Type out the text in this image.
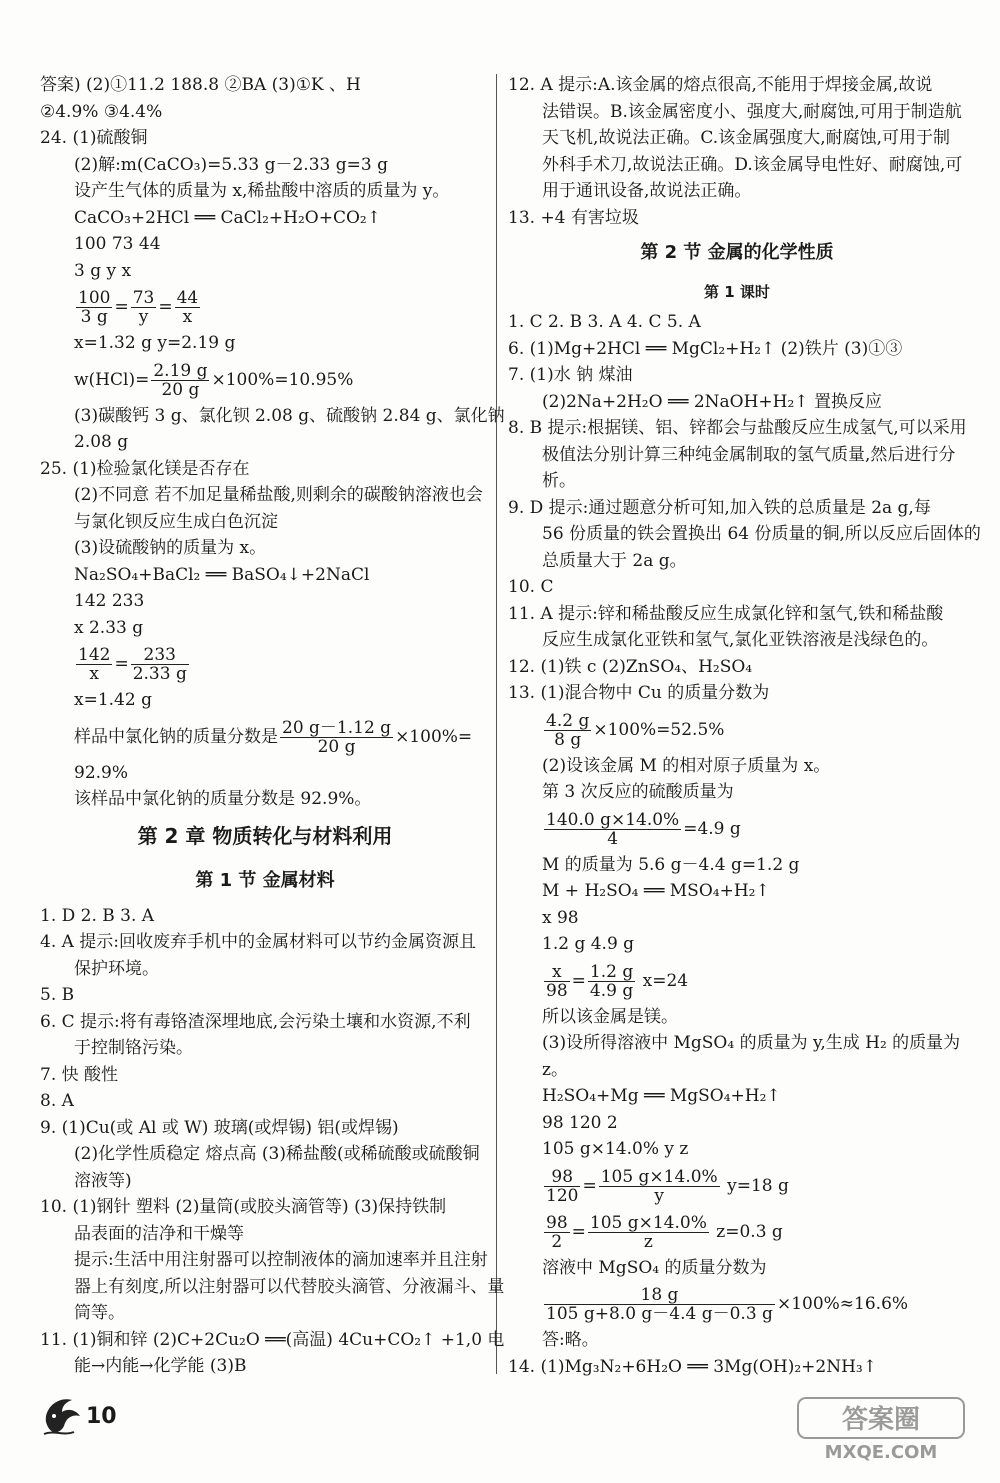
答案) (2)①11.2 188.8 ②BA (3)①K 、H
②4.9% ③4.4%
24. (1)硫酸铜
(2)解:m(CaCO₃)=5.33 g－2.33 g=3 g
设产生气体的质量为 x,稀盐酸中溶质的质量为 y。
CaCO₃+2HCl ══ CaCl₂+H₂O+CO₂↑
100 73 44
3 g y x
$\frac{100}{3 g} = \frac{73}{y} = \frac{44}{x}$
x=1.32 g y=2.19 g
$w(HCl)= \frac{2.19 g}{20 g} \times 100\%=10.95\%$
(3)碳酸钙 3 g、氯化钡 2.08 g、硫酸钠 2.84 g、氯化钠
2.08 g
25. (1)检验氯化镁是否存在
(2)不同意 若不加足量稀盐酸,则剩余的碳酸钠溶液也会
与氯化钡反应生成白色沉淀
(3)设硫酸钠的质量为 x。
Na₂SO₄+BaCl₂ ══ BaSO₄↓+2NaCl
142 233
x 2.33 g
$\frac{142}{x} = \frac{233}{2.33 g}$
x=1.42 g
样品中氯化钠的质量分数是 $\frac{20 g-1.12 g}{20 g} \times 100\%=$
92.9%
该样品中氯化钠的质量分数是 92.9%。
第 2 章 物质转化与材料利用
第 1 节 金属材料
1. D 2. B 3. A
4. A 提示:回收废弃手机中的金属材料可以节约金属资源且
保护环境。
5. B
6. C 提示:将有毒铬渣深埋地底,会污染土壤和水资源,不利
于控制铬污染。
7. 快 酸性
8. A
9. (1)Cu(或 Al 或 W) 玻璃(或焊锡) 铝(或焊锡)
(2)化学性质稳定 熔点高 (3)稀盐酸(或稀硫酸或硫酸铜
溶液等)
10. (1)钢针 塑料 (2)量筒(或胶头滴管等) (3)保持铁制
品表面的洁净和干燥等
提示:生活中用注射器可以控制液体的滴加速率并且注射
器上有刻度,所以注射器可以代替胶头滴管、分液漏斗、量
筒等。
11. (1)铜和锌 (2)C+2Cu₂O ══(高温) 4Cu+CO₂↑ +1,0 电
能→内能→化学能 (3)B
12. A 提示:A.该金属的熔点很高,不能用于焊接金属,故说
法错误。B.该金属密度小、强度大,耐腐蚀,可用于制造航
天飞机,故说法正确。C.该金属强度大,耐腐蚀,可用于制
外科手术刀,故说法正确。D.该金属导电性好、耐腐蚀,可
用于通讯设备,故说法正确。
13. +4 有害垃圾
第 2 节 金属的化学性质
第 1 课时
1. C 2. B 3. A 4. C 5. A
6. (1)Mg+2HCl ══ MgCl₂+H₂↑ (2)铁片 (3)①③
7. (1)水 钠 煤油
(2)2Na+2H₂O ══ 2NaOH+H₂↑ 置换反应
8. B 提示:根据镁、铝、锌都会与盐酸反应生成氢气,可以采用
极值法分别计算三种纯金属制取的氢气质量,然后进行分
析。
9. D 提示:通过题意分析可知,加入铁的总质量是 2a g,每
56 份质量的铁会置换出 64 份质量的铜,所以反应后固体的
总质量大于 2a g。
10. C
11. A 提示:锌和稀盐酸反应生成氯化锌和氢气,铁和稀盐酸
反应生成氯化亚铁和氢气,氯化亚铁溶液是浅绿色的。
12. (1)铁 c (2)ZnSO₄、H₂SO₄
13. (1)混合物中 Cu 的质量分数为
$\frac{4.2 g}{8 g} \times 100\%=52.5\%$
(2)设该金属 M 的相对原子质量为 x。
第 3 次反应的硫酸质量为
$\frac{140.0 g\times 14.0\%}{4} =4.9$ g
M 的质量为 5.6 g－4.4 g=1.2 g
M + H₂SO₄ ══ MSO₄+H₂↑
x 98
1.2 g 4.9 g
$\frac{x}{98} = \frac{1.2 g}{4.9 g} x=24$
所以该金属是镁。
(3)设所得溶液中 MgSO₄ 的质量为 y,生成 H₂ 的质量为
z。
H₂SO₄+Mg ══ MgSO₄+H₂↑
98 120 2
105 g×14.0% y z
$\frac{98}{120} = \frac{105 g\times 14.0\%}{y} y=18$ g
$\frac{98}{2} = \frac{105 g\times 14.0\%}{z} z=0.3$ g
溶液中 MgSO₄ 的质量分数为
$\frac{18 g}{105 g+8.0 g-4.4 g-0.3 g} \times 100\%\approx 16.6\%$
答:略。
14. (1)Mg₃N₂+6H₂O ══ 3Mg(OH)₂+2NH₃↑
10	答案圈
MXQE.COM
